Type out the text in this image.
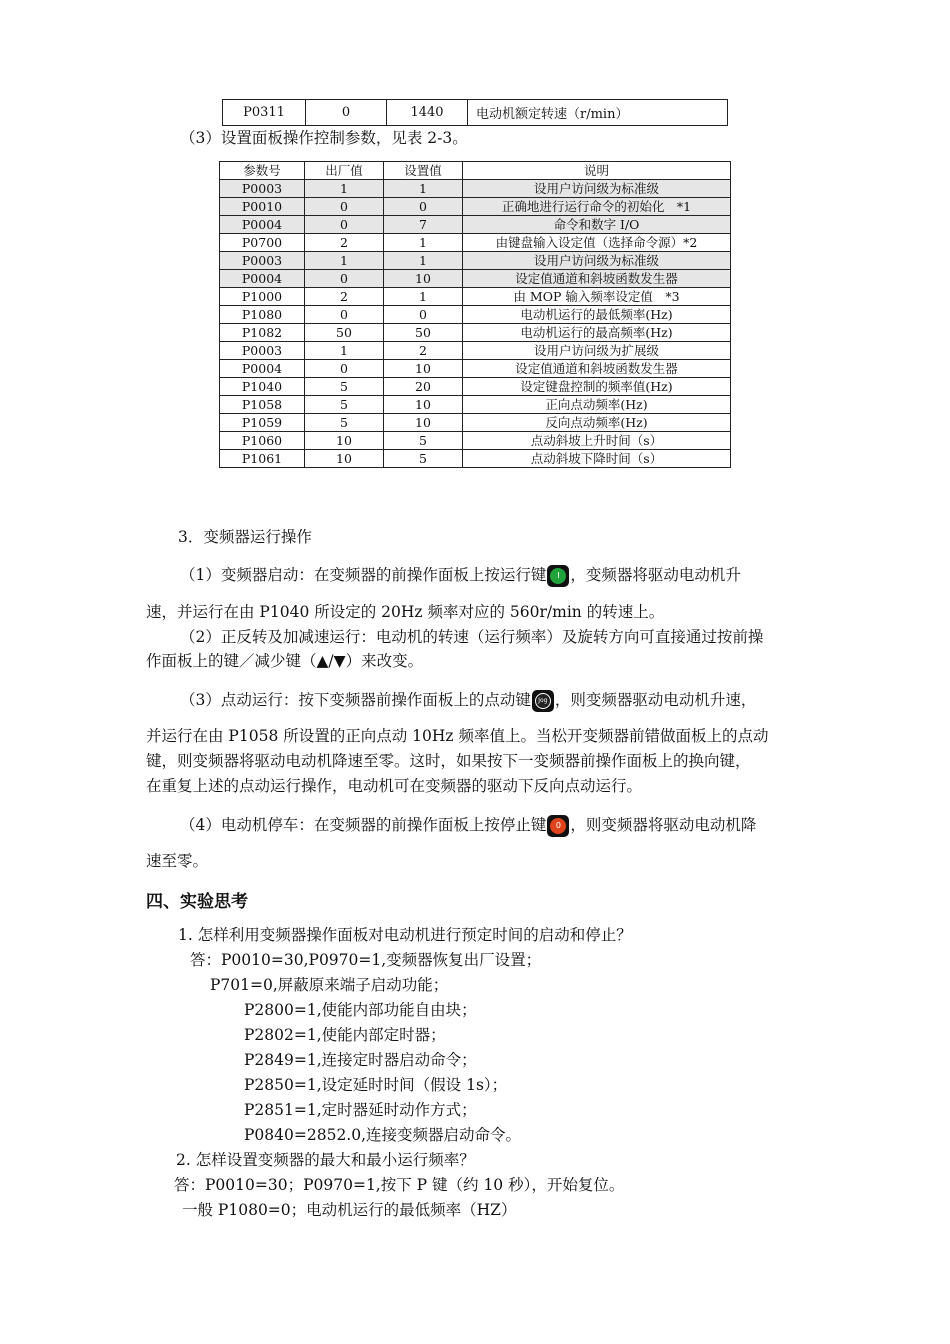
P0311	0	1440	电动机额定转速（r/min）
（3）设置面板操作控制参数，见表 2-3。
参数号	出厂值	设置值	说明
P0003	1	1	设用户访问级为标准级
P0010	0	0	正确地进行运行命令的初始化　*1
P0004	0	7	命令和数字 I/O
P0700	2	1	由键盘输入设定值（选择命令源）*2
P0003	1	1	设用户访问级为标准级
P0004	0	10	设定值通道和斜坡函数发生器
P1000	2	1	由 MOP 输入频率设定值　*3
P1080	0	0	电动机运行的最低频率(Hz)
P1082	50	50	电动机运行的最高频率(Hz)
P0003	1	2	设用户访问级为扩展级
P0004	0	10	设定值通道和斜坡函数发生器
P1040	5	20	设定键盘控制的频率值(Hz)
P1058	5	10	正向点动频率(Hz)
P1059	5	10	反向点动频率(Hz)
P1060	10	5	点动斜坡上升时间（s）
P1061	10	5	点动斜坡下降时间（s）
3．变频器运行操作
（1）变频器启动：在变频器的前操作面板上按运行键	I ，变频器将驱动电动机升
速，并运行在由 P1040 所设定的 20Hz 频率对应的 560r/min 的转速上。
（2）正反转及加减速运行：电动机的转速（运行频率）及旋转方向可直接通过按前操
作面板上的键／减少键（▲/▼）来改变。
（3）点动运行：按下变频器前操作面板上的点动键	Jog ，则变频器驱动电动机升速，
并运行在由 P1058 所设置的正向点动 10Hz 频率值上。当松开变频器前错做面板上的点动
键，则变频器将驱动电动机降速至零。这时，如果按下一变频器前操作面板上的换向键，
在重复上述的点动运行操作，电动机可在变频器的驱动下反向点动运行。
（4）电动机停车：在变频器的前操作面板上按停止键	0 ，则变频器将驱动电动机降
速至零。
四、实验思考
1. 怎样利用变频器操作面板对电动机进行预定时间的启动和停止？
答：P0010=30,P0970=1,变频器恢复出厂设置；
P701=0,屏蔽原来端子启动功能；
P2800=1,使能内部功能自由块；
P2802=1,使能内部定时器；
P2849=1,连接定时器启动命令；
P2850=1,设定延时时间（假设 1s）；
P2851=1,定时器延时动作方式；
P0840=2852.0,连接变频器启动命令。
2. 怎样设置变频器的最大和最小运行频率？
答：P0010=30；P0970=1,按下 P 键（约 10 秒），开始复位。
一般 P1080=0；电动机运行的最低频率（HZ）
